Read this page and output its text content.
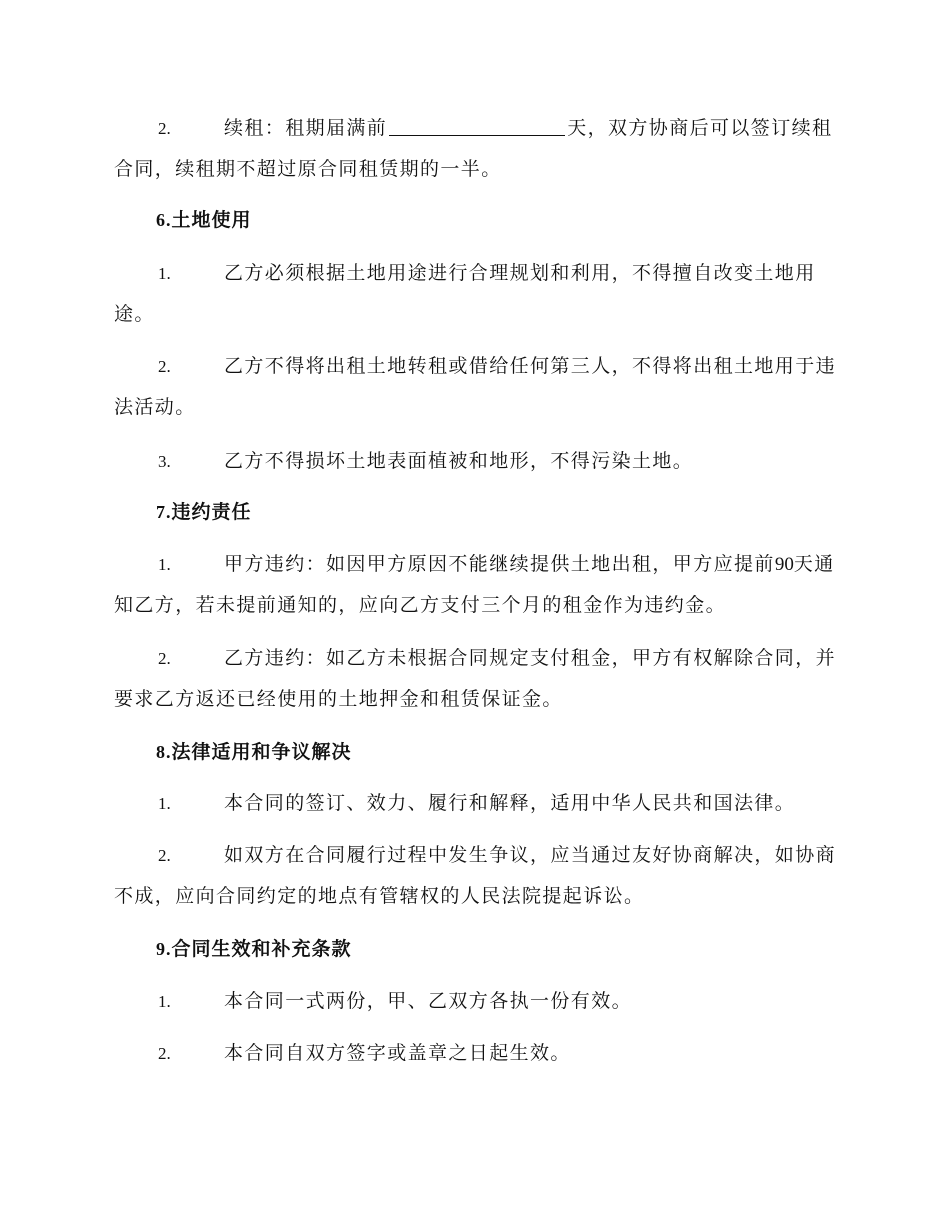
2.	续租：租期届满前	天，双方协商后可以签订续租合同，续租期不超过原合同租赁期的一半。
6.土地使用
1.	乙方必须根据土地用途进行合理规划和利用，不得擅自改变土地用途。
2.	乙方不得将出租土地转租或借给任何第三人，不得将出租土地用于违法活动。
3.	乙方不得损坏土地表面植被和地形，不得污染土地。
7.违约责任
1.	甲方违约：如因甲方原因不能继续提供土地出租，甲方应提前90天通知乙方，若未提前通知的，应向乙方支付三个月的租金作为违约金。
2.	乙方违约：如乙方未根据合同规定支付租金，甲方有权解除合同，并要求乙方返还已经使用的土地押金和租赁保证金。
8.法律适用和争议解决
1.	本合同的签订、效力、履行和解释，适用中华人民共和国法律。
2.	如双方在合同履行过程中发生争议，应当通过友好协商解决，如协商不成，应向合同约定的地点有管辖权的人民法院提起诉讼。
9.合同生效和补充条款
1.	本合同一式两份，甲、乙双方各执一份有效。
2.	本合同自双方签字或盖章之日起生效。
